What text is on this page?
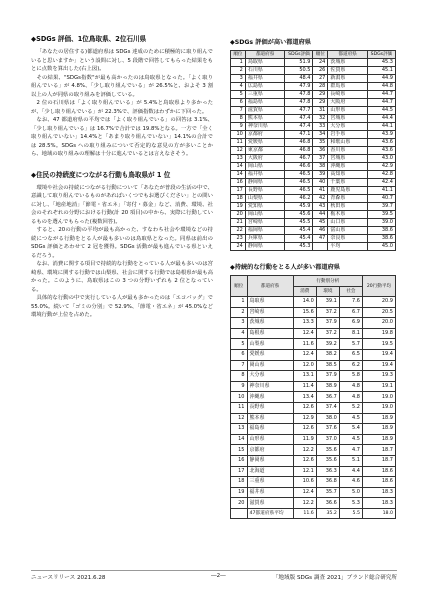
◆SDGs 評価、1位鳥取県、2位石川県

「あなたの居住する)都道府県は SDGs 達成のために積極的に取り組んでいると思いますか」という設問に対し、5 段階で回答してもらった結果をもとに点数を算出した(右上図)。

その結果、"SDGs指数"が最も高かったのは鳥取県となった。「よく取り組んでいる」が 4.8%、「少し取り組んでいる」が 26.5%と、およそ 3 割以上の人が同県の取り組みを評価している。

2 位の石川県は「よく取り組んでいる」が 5.4%と鳥取県より多かったが、「少し取り組んでいる」が 22.3%で、評価指数はわずかに下回った。

なお、47 都道府県の平均では「よく取り組んでいる」の回答は 3.1%、「少し取り組んでいる」は 16.7%で合計では 19.8%となる。一方で「全く取り組んでいない」14.4%と「あまり取り組んでいない」14.1%の合計では 28.5%。SDGs への取り組みについて否定的な意見の方が多いことから、地域の取り組みの理解は十分に進んでいるとは言えなさそう。

◆住民の持続度につながる行動も鳥取県が 1 位

環境や社会の持続につながる行動について「あなたが普段の生活の中で、意識して取り組んでいるものがあればいくつでもお選びください」との問いに対し、「地産地消」「節電・省エネ」「寄付・募金」など、消費、環境、社会のそれぞれの分野における行動(計 20 項目)の中から、実際に行動しているものを選んでもらった(複数回答)。

すると、20の行動の平均が最も高かった、すなわち社会や環境などの持続につながる行動をとる人が最も多いのは鳥取県となった。同県は前出の SDGs 評価とあわせて 2 冠を獲得。SDGs 活動が最も進んでいる県といえるだろう。

なお、消費に関する項目で持続的な行動をとっている人が最も多いのは宮崎県、環境に関する行動では山梨県、社会に関する行動では島根県が最も高かった。このように、鳥取県はこの 3 つの分野いずれも 2 位となっている。

具体的な行動の中で実行している人が最も多かったのは「エコバッグ」で 55.0%。続いて「ゴミの分別」で 52.9%、「節電・省エネ」が 45.0%など環境行動が上位を占めた。

◆SDGs 評価が高い都道府県
順位	都道府県	SDGs評価	順位	都道府県	SDGs評価
1	鳥取県	51.9	24	茨城県	45.3
2	石川県	50.5	26	佐賀県	45.1
3	福井県	48.4	27	新潟県	44.9
4	広島県	47.9	28	群馬県	44.8
5	三重県	47.8	29	長崎県	44.7
6	福島県	47.8	29	大阪府	44.7
7	滋賀県	47.7	31	山形県	44.5
8	熊本県	47.4	32	宮城県	44.4
9	神奈川県	47.4	33	大分県	44.1
10	京都府	47.1	34	岩手県	43.9
11	愛媛県	46.8	35	和歌山県	43.6
12	東京都	46.8	36	香川県	43.6
13	大阪府	46.7	37	宮城県	43.0
14	岡山県	46.6	38	沖縄県	42.9
14	福井県	46.5	39	高知県	42.8
16	静岡県	46.5	40	千葉県	42.4
17	長野県	46.5	41	鹿児島県	41.1
18	山梨県	46.2	42	青森県	40.7
19	愛知県	45.9	43	秋田県	39.7
20	岡山県	45.6	44	栃木県	39.5
21	宮崎県	45.5	45	山口県	39.0
22	福岡県	45.4	46	富山県	38.6
23	兵庫県	45.4	47	奈良県	38.6
24	静岡県	45.3		平均	45.0
◆持続的な行動をとる人が多い都道府県
順位	都道府県	行動別分析			20行動平均
		消費	環境	社会	
1	鳥取県	14.0	39.1	7.6	20.9
2	宮崎県	15.6	37.2	6.7	20.5
3	茨城県	13.3	37.9	6.9	20.0
4	島根県	12.4	37.2	8.1	19.8
5	山梨県	11.6	39.2	5.7	19.5
6	愛媛県	12.4	38.2	6.5	19.4
7	岡山県	12.0	38.5	6.2	19.4
8	大分県	13.1	37.9	5.8	19.3
9	神奈川県	11.4	38.9	4.8	19.1
10	沖縄県	13.4	36.7	4.8	19.0
11	長野県	12.6	37.4	5.2	19.0
12	熊本県	12.9	38.0	4.5	18.9
13	福島県	12.6	37.6	5.4	18.9
14	山形県	11.9	37.0	4.5	18.9
15	京都府	12.2	35.6	4.7	18.7
16	静岡県	12.6	35.6	5.1	18.7
17	北海道	12.1	36.3	4.4	18.6
18	三重県	10.6	36.8	4.6	18.6
19	福井県	12.4	35.7	5.0	18.3
20	滋賀県	12.2	36.6	5.3	18.3
	47都道府県平均	11.6	35.2	5.5	18.0
ニュースリリース 2021.6.28	―2―	「地域版 SDGs 調査 2021」ブランド総合研究所
